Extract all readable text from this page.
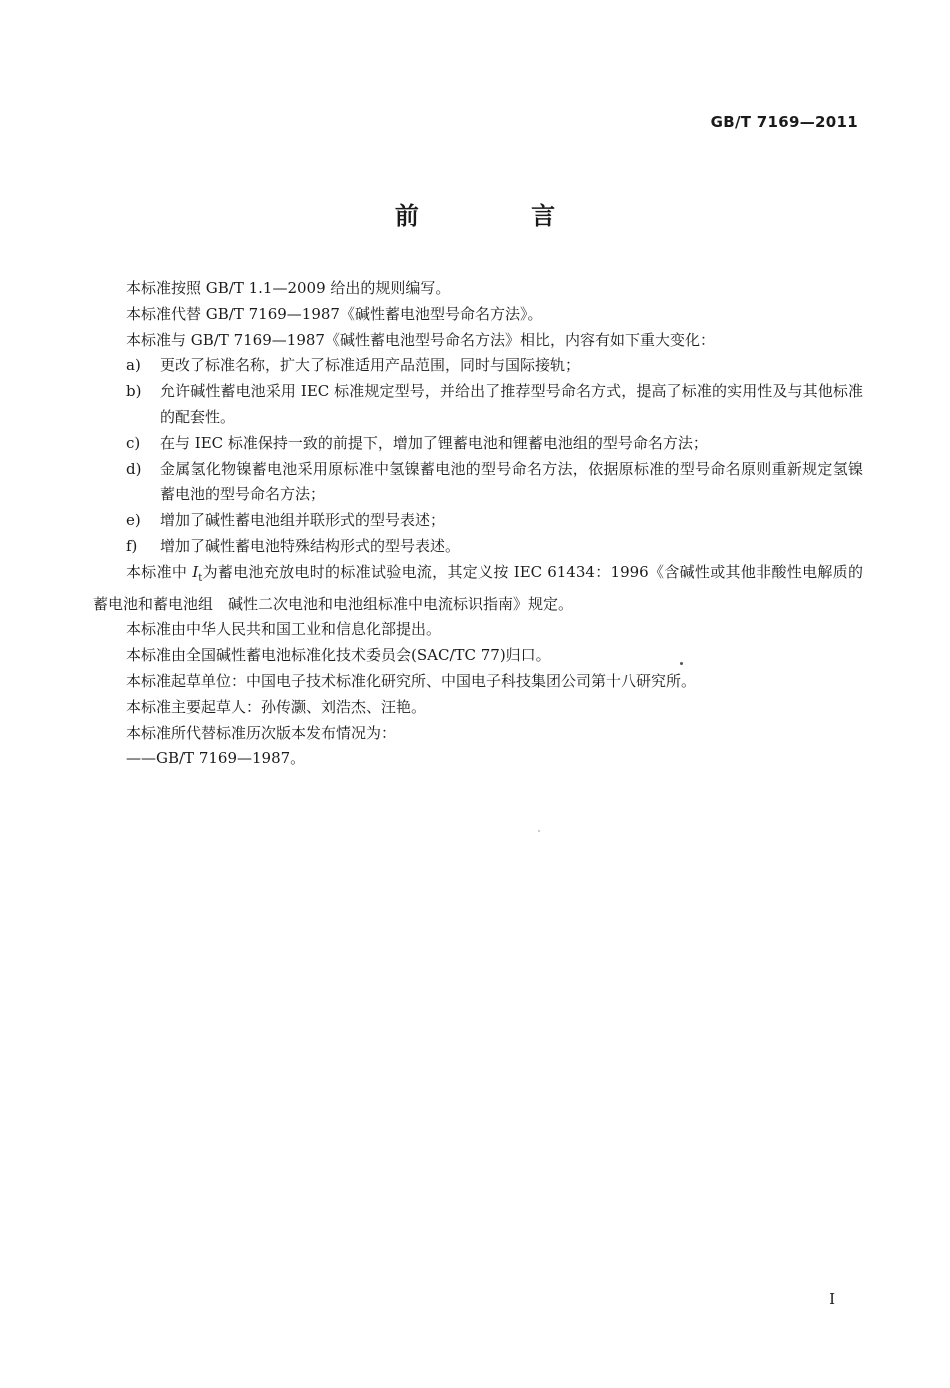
GB/T 7169—2011
前 言

本标准按照 GB/T 1.1—2009 给出的规则编写。

本标准代替 GB/T 7169—1987《碱性蓄电池型号命名方法》。

本标准与 GB/T 7169—1987《碱性蓄电池型号命名方法》相比，内容有如下重大变化：

a)	更改了标准名称，扩大了标准适用产品范围，同时与国际接轨；
b)	允许碱性蓄电池采用 IEC 标准规定型号，并给出了推荐型号命名方式，提高了标准的实用性及与其他标准的配套性。
c)	在与 IEC 标准保持一致的前提下，增加了锂蓄电池和锂蓄电池组的型号命名方法；
d)	金属氢化物镍蓄电池采用原标准中氢镍蓄电池的型号命名方法，依据原标准的型号命名原则重新规定氢镍蓄电池的型号命名方法；
e)	增加了碱性蓄电池组并联形式的型号表述；
f)	增加了碱性蓄电池特殊结构形式的型号表述。

本标准中 $I_t$为蓄电池充放电时的标准试验电流，其定义按 IEC 61434：1996《含碱性或其他非酸性电解质的蓄电池和蓄电池组　碱性二次电池和电池组标准中电流标识指南》规定。

本标准由中华人民共和国工业和信息化部提出。

本标准由全国碱性蓄电池标准化技术委员会(SAC/TC 77)归口。

本标准起草单位：中国电子技术标准化研究所、中国电子科技集团公司第十八研究所。

本标准主要起草人：孙传灏、刘浩杰、汪艳。

本标准所代替标准历次版本发布情况为：

——GB/T 7169—1987。

I
